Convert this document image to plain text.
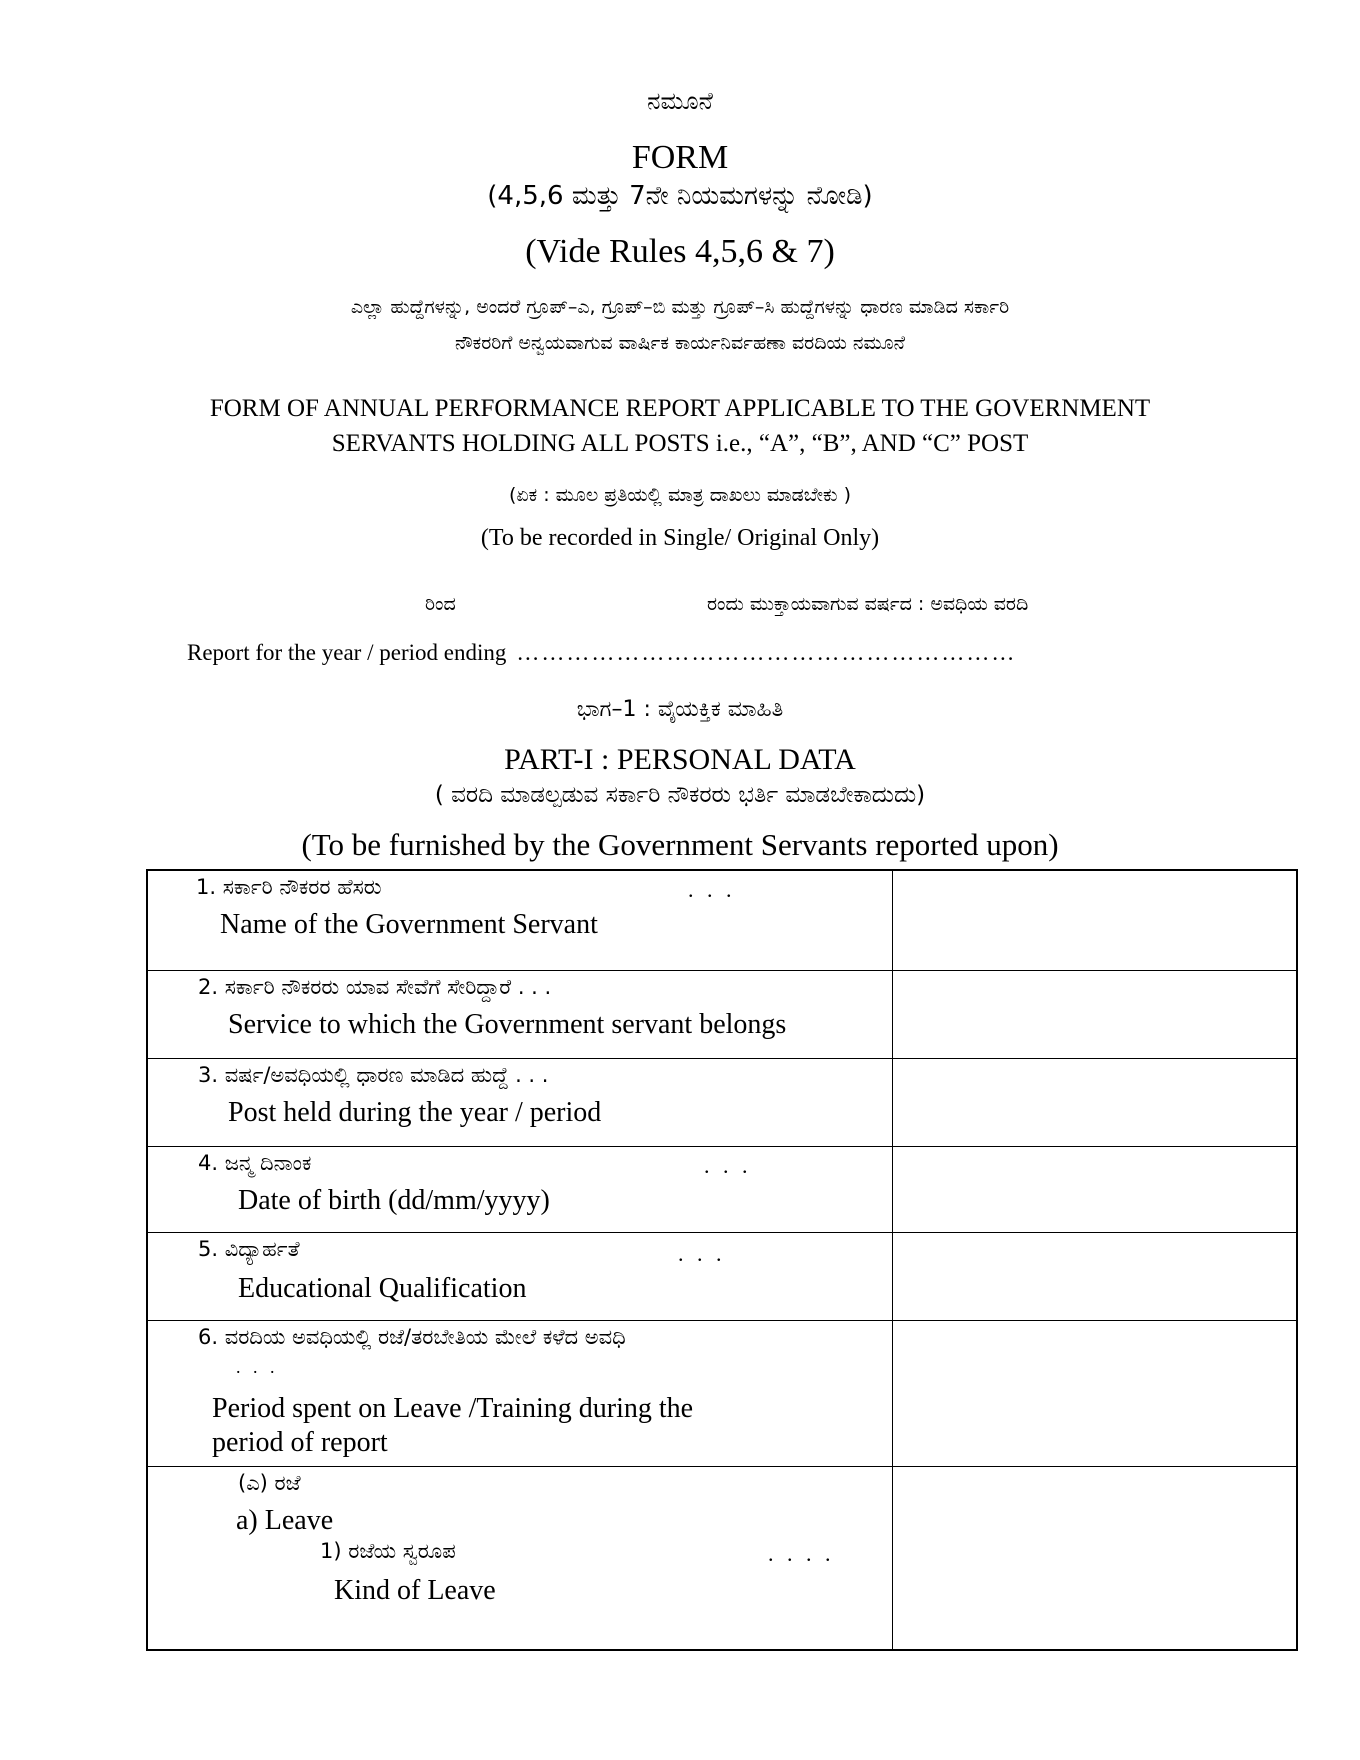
ನಮೂನೆ
FORM
(4,5,6 ಮತ್ತು 7ನೇ ನಿಯಮಗಳನ್ನು ನೋಡಿ)
(Vide Rules 4,5,6 & 7)
ಎಲ್ಲಾ ಹುದ್ದೆಗಳನ್ನು, ಅಂದರೆ ಗ್ರೂಪ್–ಎ, ಗ್ರೂಪ್–ಬಿ ಮತ್ತು ಗ್ರೂಪ್–ಸಿ ಹುದ್ದೆಗಳನ್ನು ಧಾರಣ ಮಾಡಿದ ಸರ್ಕಾರಿ
ನೌಕರರಿಗೆ ಅನ್ವಯವಾಗುವ ವಾರ್ಷಿಕ ಕಾರ್ಯನಿರ್ವಹಣಾ ವರದಿಯ ನಮೂನೆ
FORM OF ANNUAL PERFORMANCE REPORT APPLICABLE TO THE GOVERNMENT
SERVANTS HOLDING ALL POSTS i.e., “A”, “B”, AND “C” POST
(ಏಕ : ಮೂಲ ಪ್ರತಿಯಲ್ಲಿ ಮಾತ್ರ ದಾಖಲು ಮಾಡಬೇಕು )
(To be recorded in Single/ Original Only)
ರಿಂದ	ರಂದು ಮುಕ್ತಾಯವಾಗುವ ವರ್ಷದ : ಅವಧಿಯ ವರದಿ
Report for the year / period ending ……………………………………………………
ಭಾಗ–1 : ವೈಯಕ್ತಿಕ ಮಾಹಿತಿ
PART-I : PERSONAL DATA
( ವರದಿ ಮಾಡಲ್ಪಡುವ ಸರ್ಕಾರಿ ನೌಕರರು ಭರ್ತಿ ಮಾಡಬೇಕಾದುದು)
(To be furnished by the Government Servants reported upon)
1. ಸರ್ಕಾರಿ ನೌಕರರ ಹೆಸರು	. . .
Name of the Government Servant
2. ಸರ್ಕಾರಿ ನೌಕರರು ಯಾವ ಸೇವೆಗೆ ಸೇರಿದ್ದಾರೆ . . .
Service to which the Government servant belongs
3. ವರ್ಷ/ಅವಧಿಯಲ್ಲಿ ಧಾರಣ ಮಾಡಿದ ಹುದ್ದೆ . . .
Post held during the year / period
4. ಜನ್ಮ ದಿನಾಂಕ	. . .
Date of birth (dd/mm/yyyy)
5. ವಿದ್ಯಾರ್ಹತೆ	. . .
Educational Qualification
6. ವರದಿಯ ಅವಧಿಯಲ್ಲಿ ರಜೆ/ತರಬೇತಿಯ ಮೇಲೆ ಕಳೆದ ಅವಧಿ
. . .
Period spent on Leave /Training during the
period of report
(ಎ) ರಜೆ
a) Leave
1) ರಜೆಯ ಸ್ವರೂಪ	. . . .
Kind of Leave
